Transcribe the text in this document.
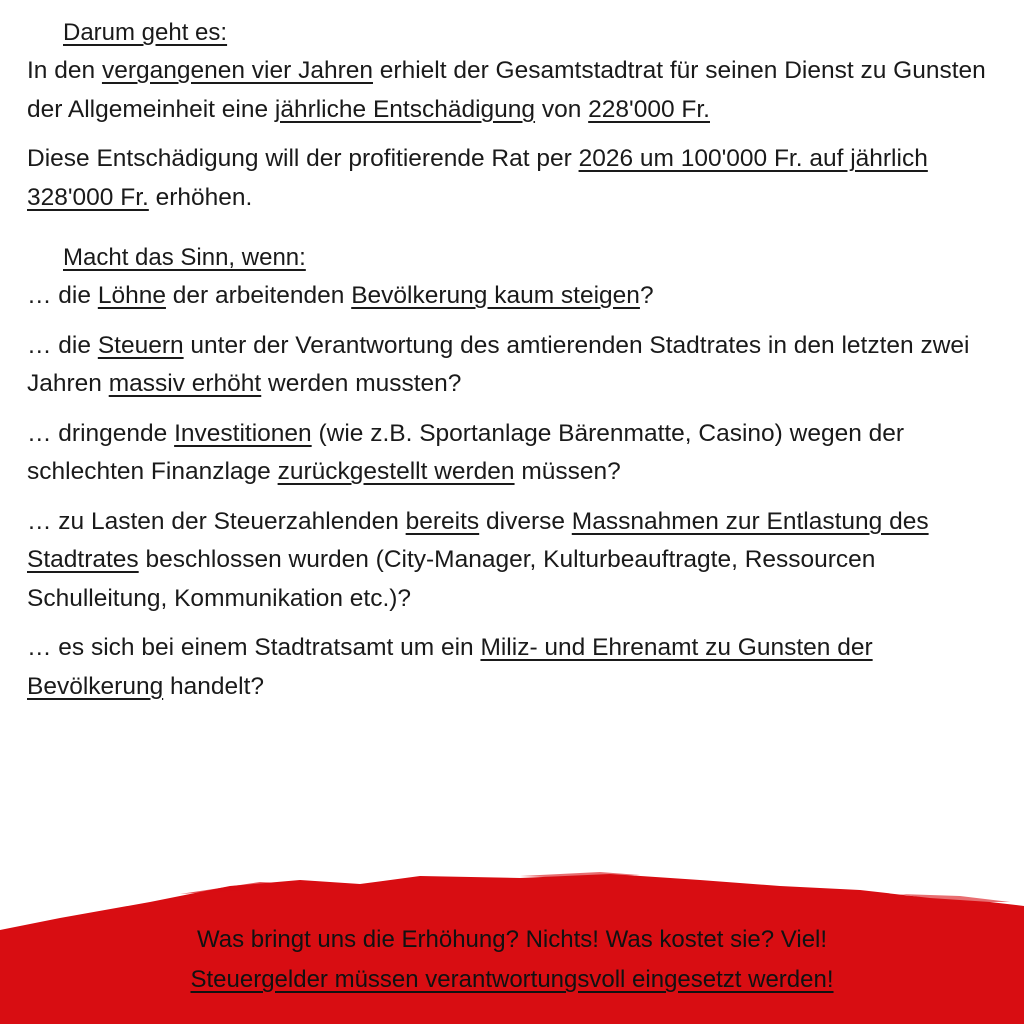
Darum geht es:

In den vergangenen vier Jahren erhielt der Gesamtstadtrat für seinen Dienst zu Gunsten der Allgemeinheit eine jährliche Entschädigung von 228'000 Fr.

Diese Entschädigung will der profitierende Rat per 2026 um 100'000 Fr. auf jährlich 328'000 Fr. erhöhen.

Macht das Sinn, wenn:

… die Löhne der arbeitenden Bevölkerung kaum steigen?

… die Steuern unter der Verantwortung des amtierenden Stadtrates in den letzten zwei Jahren massiv erhöht werden mussten?

… dringende Investitionen (wie z.B. Sportanlage Bärenmatte, Casino) wegen der schlechten Finanzlage zurückgestellt werden müssen?

… zu Lasten der Steuerzahlenden bereits diverse Massnahmen zur Entlastung des Stadtrates beschlossen wurden (City-Manager, Kulturbeauftragte, Ressourcen Schulleitung, Kommunikation etc.)?

… es sich bei einem Stadtratsamt um ein Miliz- und Ehrenamt zu Gunsten der Bevölkerung handelt?

Was bringt uns die Erhöhung? Nichts! Was kostet sie? Viel!
Steuergelder müssen verantwortungsvoll eingesetzt werden!
